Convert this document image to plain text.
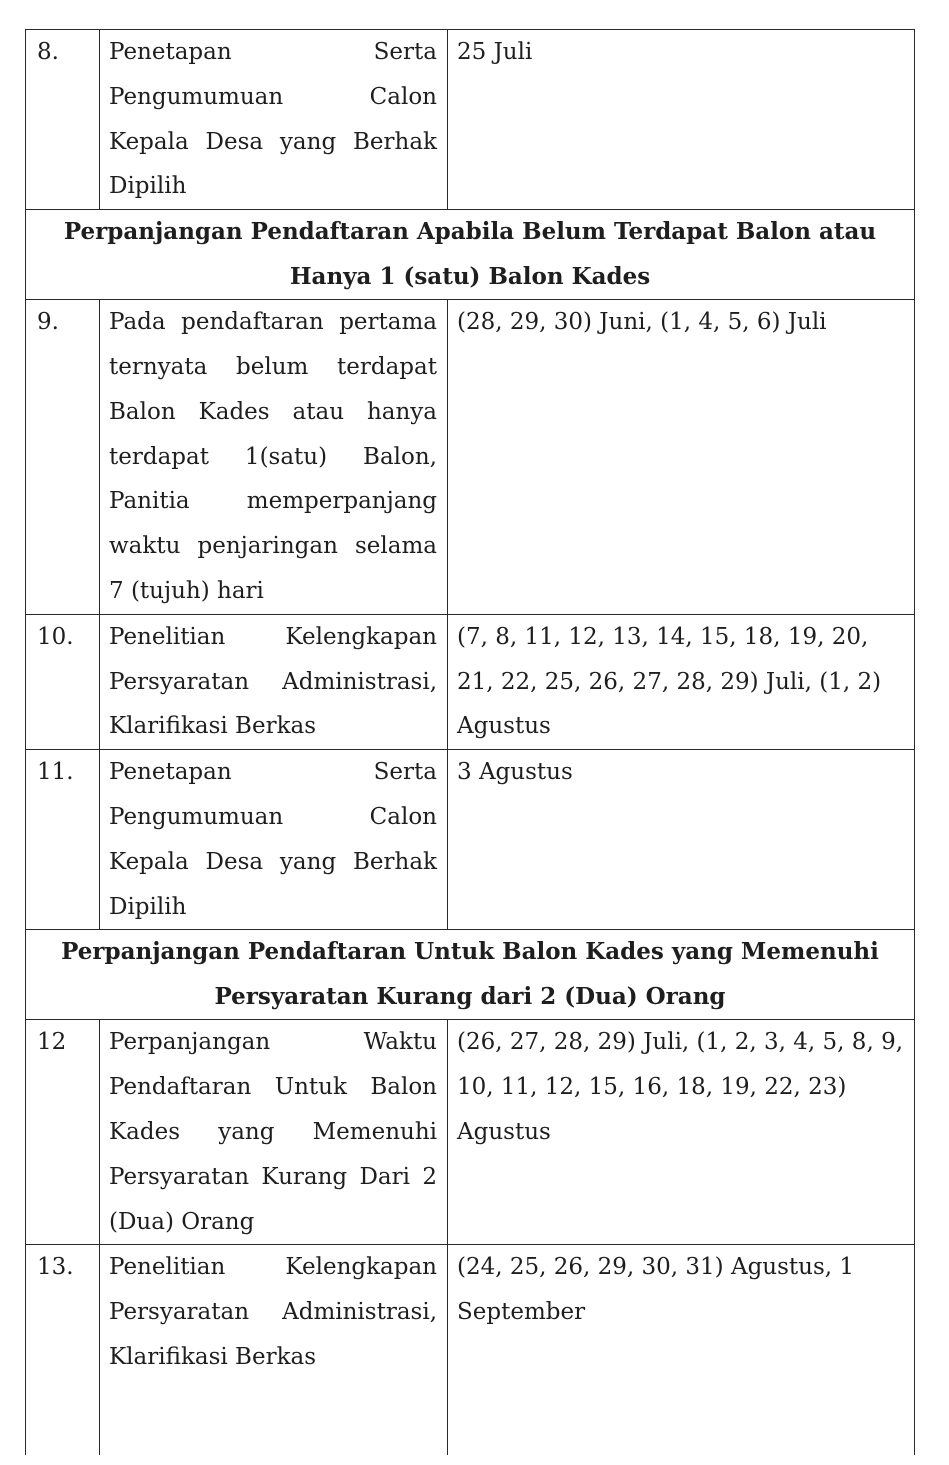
8.	Penetapan Serta Pengumumuan Calon Kepala Desa yang Berhak Dipilih	25 Juli
Perpanjangan Pendaftaran Apabila Belum Terdapat Balon atau Hanya 1 (satu) Balon Kades		
9.	Pada pendaftaran pertama ternyata belum terdapat Balon Kades atau hanya terdapat 1(satu) Balon, Panitia memperpanjang waktu penjaringan selama 7 (tujuh) hari	(28, 29, 30) Juni, (1, 4, 5, 6) Juli
10.	Penelitian Kelengkapan Persyaratan Administrasi, Klarifikasi Berkas	(7, 8, 11, 12, 13, 14, 15, 18, 19, 20, 21, 22, 25, 26, 27, 28, 29) Juli, (1, 2) Agustus
11.	Penetapan Serta Pengumumuan Calon Kepala Desa yang Berhak Dipilih	3 Agustus
Perpanjangan Pendaftaran Untuk Balon Kades yang Memenuhi Persyaratan Kurang dari 2 (Dua) Orang		
12	Perpanjangan Waktu Pendaftaran Untuk Balon Kades yang Memenuhi Persyaratan Kurang Dari 2 (Dua) Orang	(26, 27, 28, 29) Juli, (1, 2, 3, 4, 5, 8, 9, 10, 11, 12, 15, 16, 18, 19, 22, 23) Agustus
13.	Penelitian Kelengkapan Persyaratan Administrasi, Klarifikasi Berkas	(24, 25, 26, 29, 30, 31) Agustus, 1 September
